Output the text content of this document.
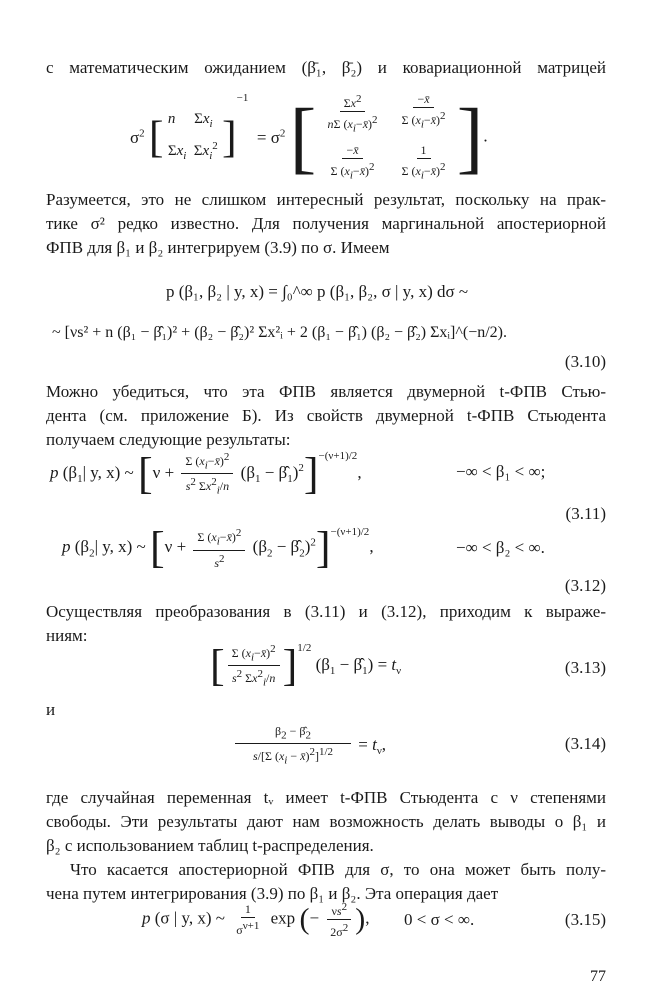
с математическим ожиданием (β̄₁, β̄₂) и ковариационной матрицей
$\sigma^2$ [ n     $\Sigma x_i$
$\Sigma x_i$  $\Sigma x_i^2$ ]$^{-1} = \sigma^2$ [ $\frac{\Sigma x2}{n\Sigma (xi-x̄)2} \frac{-x̄}{\Sigma (xi-x̄)2}$
$\frac{-x̄}{\Sigma (xi-x̄)2} \frac{1}{\Sigma (xi-x̄)2}$ ].
Разумеется, это не слишком интересный результат, поскольку на прак-
тике σ² редко известно. Для получения маргинальной апостериорной
ФПВ для β₁ и β₂ интегрируем (3.9) по σ. Имеем
p (β₁, β₂ | y, x) = ∫₀^∞ p (β₁, β₂, σ | y, x) dσ ~
~ [νs² + n (β₁ − β̂₁)² + (β₂ − β̂₂)² Σx²ᵢ + 2 (β₁ − β̂₁) (β₂ − β̂₂) Σxᵢ]^(−n/2).
(3.10)
Можно убедиться, что эта ФПВ является двумерной t-ФПВ Стью-
дента (см. приложение Б). Из свойств двумерной t-ФПВ Стьюдента
получаем следующие результаты:
p ($\beta_1|$ y, x) ~ [$\nu + \frac{\Sigma (xi-x̄)2}{s2 \Sigma x2i/n} (\beta_1$ − $\betâ_1)^2]^{-(\nu+1)/2}$,	−∞ < β₁ < ∞;
(3.11)
p ($\beta_2|$ y, x) ~ [$\nu + \frac{\Sigma (xi-x̄)2}{s2} (\beta_2$ − $\betâ_2)^2]^{-(\nu+1)/2}$,	−∞ < β₂ < ∞.
(3.12)
Осуществляя преобразования в (3.11) и (3.12), приходим к выраже-
ниям:
[ $\frac{\Sigma (xi-x̄)2}{s2 \Sigma x2i/n} ]^{1/2}$ ($\beta_1$ − $\betâ_1) = t_\nu$	(3.13)
и
$\frac{\beta 2 - \betâ2}{s/[\Sigma (xi - x̄)2]1/2} = t_\nu$,	(3.14)
где случайная переменная tᵥ имеет t-ФПВ Стьюдента с ν степенями
свободы. Эти результаты дают нам возможность делать выводы о β₁ и
β₂ с использованием таблиц t-распределения.
Что касается апостериорной ФПВ для σ, то она может быть полу-
чена путем интегрирования (3.9) по β₁ и β₂. Эта операция дает
p (σ | y, x) ~ $\frac{1}{\sigma\nu+1}$ exp (− $\frac{\nu s2}{2\sigma 2}$ ), 0 < σ < ∞.	(3.15)
77
